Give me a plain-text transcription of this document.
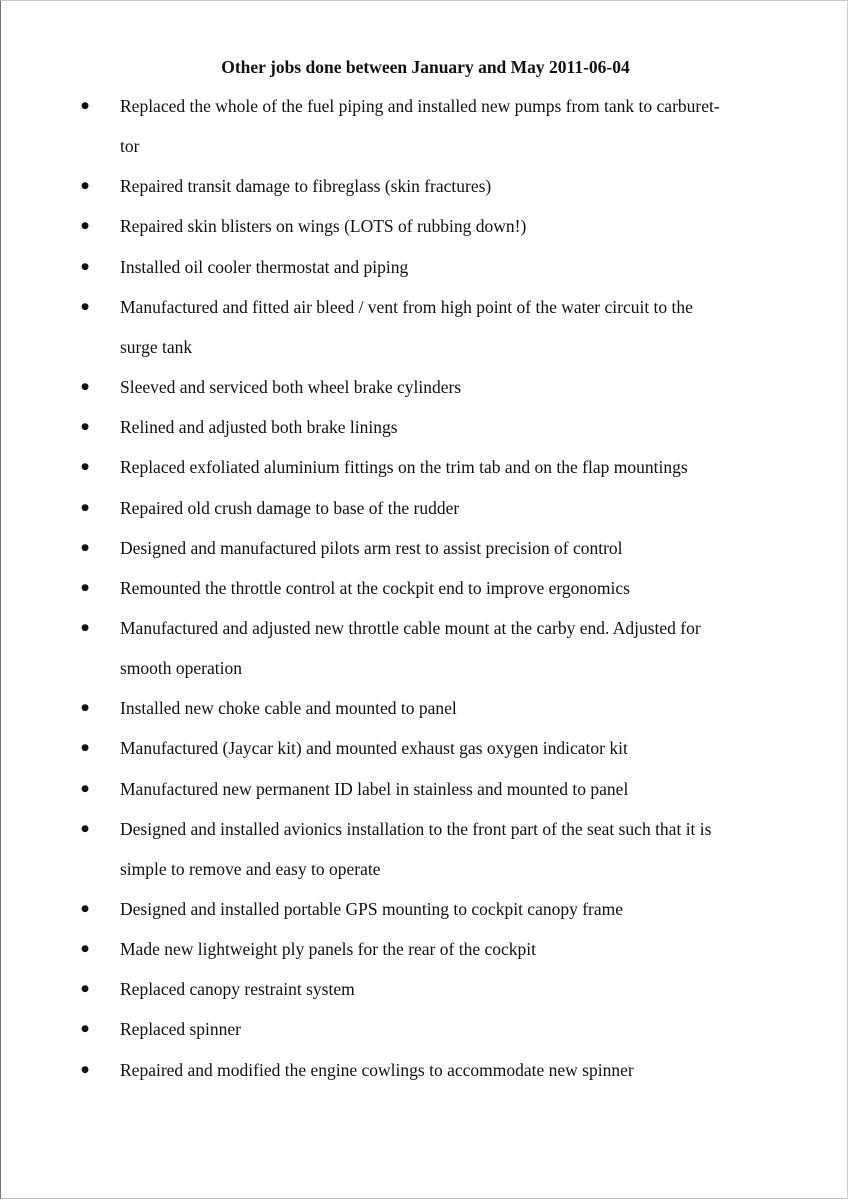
Other jobs done between January and May 2011-06-04
● Replaced the whole of the fuel piping and installed new pumps from tank to carburet-
tor
● Repaired transit damage to fibreglass (skin fractures)
● Repaired skin blisters on wings (LOTS of rubbing down!)
● Installed oil cooler thermostat and piping
● Manufactured and fitted air bleed / vent from high point of the water circuit to the
surge tank
● Sleeved and serviced both wheel brake cylinders
● Relined and adjusted both brake linings
● Replaced exfoliated aluminium fittings on the trim tab and on the flap mountings
● Repaired old crush damage to base of the rudder
● Designed and manufactured pilots arm rest to assist precision of control
● Remounted the throttle control at the cockpit end to improve ergonomics
● Manufactured and adjusted new throttle cable mount at the carby end. Adjusted for
smooth operation
● Installed new choke cable and mounted to panel
● Manufactured (Jaycar kit) and mounted exhaust gas oxygen indicator kit
● Manufactured new permanent ID label in stainless and mounted to panel
● Designed and installed avionics installation to the front part of the seat such that it is
simple to remove and easy to operate
● Designed and installed portable GPS mounting to cockpit canopy frame
● Made new lightweight ply panels for the rear of the cockpit
● Replaced canopy restraint system
● Replaced spinner
● Repaired and modified the engine cowlings to accommodate new spinner
